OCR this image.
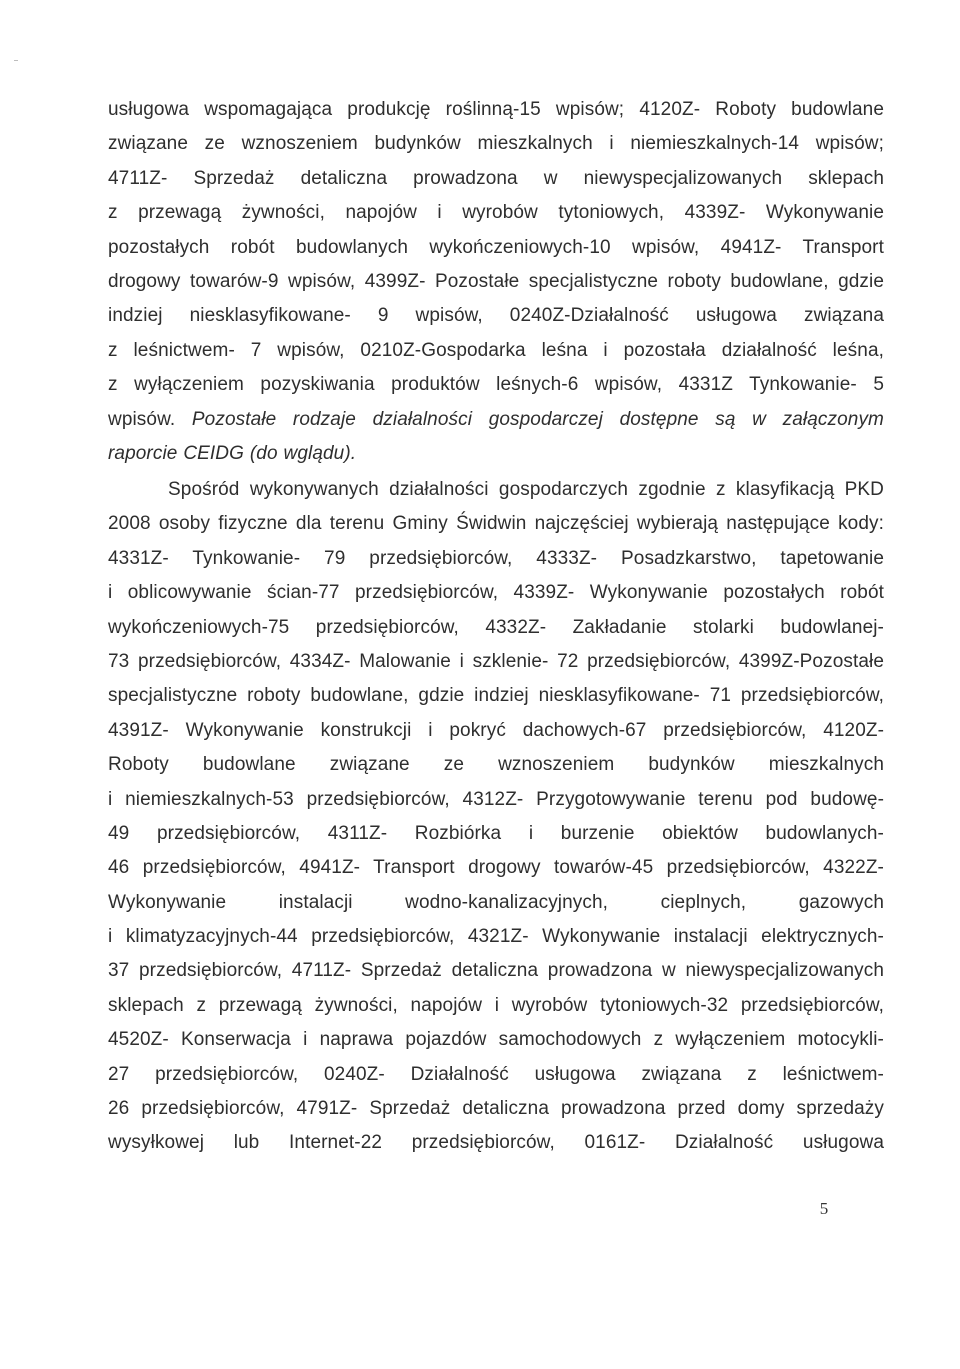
usługowa wspomagająca produkcję roślinną-15 wpisów; 4120Z- Roboty budowlane
związane ze wznoszeniem budynków mieszkalnych i niemieszkalnych-14 wpisów;
4711Z- Sprzedaż detaliczna prowadzona w niewyspecjalizowanych sklepach
z przewagą żywności, napojów i wyrobów tytoniowych, 4339Z- Wykonywanie
pozostałych robót budowlanych wykończeniowych-10 wpisów, 4941Z- Transport
drogowy towarów-9 wpisów, 4399Z- Pozostałe specjalistyczne roboty budowlane, gdzie
indziej niesklasyfikowane- 9 wpisów, 0240Z-Działalność usługowa związana
z leśnictwem- 7 wpisów, 0210Z-Gospodarka leśna i pozostała działalność leśna,
z wyłączeniem pozyskiwania produktów leśnych-6 wpisów, 4331Z Tynkowanie- 5
wpisów. Pozostałe rodzaje działalności gospodarczej dostępne są w załączonym
raporcie CEIDG (do wglądu).
Spośród wykonywanych działalności gospodarczych zgodnie z klasyfikacją PKD
2008 osoby fizyczne dla terenu Gminy Świdwin najczęściej wybierają następujące kody:
4331Z- Tynkowanie- 79 przedsiębiorców, 4333Z- Posadzkarstwo, tapetowanie
i oblicowywanie ścian-77 przedsiębiorców, 4339Z- Wykonywanie pozostałych robót
wykończeniowych-75 przedsiębiorców, 4332Z- Zakładanie stolarki budowlanej-
73 przedsiębiorców, 4334Z- Malowanie i szklenie- 72 przedsiębiorców, 4399Z-Pozostałe
specjalistyczne roboty budowlane, gdzie indziej niesklasyfikowane- 71 przedsiębiorców,
4391Z- Wykonywanie konstrukcji i pokryć dachowych-67 przedsiębiorców, 4120Z-
Roboty budowlane związane ze wznoszeniem budynków mieszkalnych
i niemieszkalnych-53 przedsiębiorców, 4312Z- Przygotowywanie terenu pod budowę-
49 przedsiębiorców, 4311Z- Rozbiórka i burzenie obiektów budowlanych-
46 przedsiębiorców, 4941Z- Transport drogowy towarów-45 przedsiębiorców, 4322Z-
Wykonywanie instalacji wodno-kanalizacyjnych, cieplnych, gazowych
i klimatyzacyjnych-44 przedsiębiorców, 4321Z- Wykonywanie instalacji elektrycznych-
37 przedsiębiorców, 4711Z- Sprzedaż detaliczna prowadzona w niewyspecjalizowanych
sklepach z przewagą żywności, napojów i wyrobów tytoniowych-32 przedsiębiorców,
4520Z- Konserwacja i naprawa pojazdów samochodowych z wyłączeniem motocykli-
27 przedsiębiorców, 0240Z- Działalność usługowa związana z leśnictwem-
26 przedsiębiorców, 4791Z- Sprzedaż detaliczna prowadzona przed domy sprzedaży
wysyłkowej lub Internet-22 przedsiębiorców, 0161Z- Działalność usługowa
5
